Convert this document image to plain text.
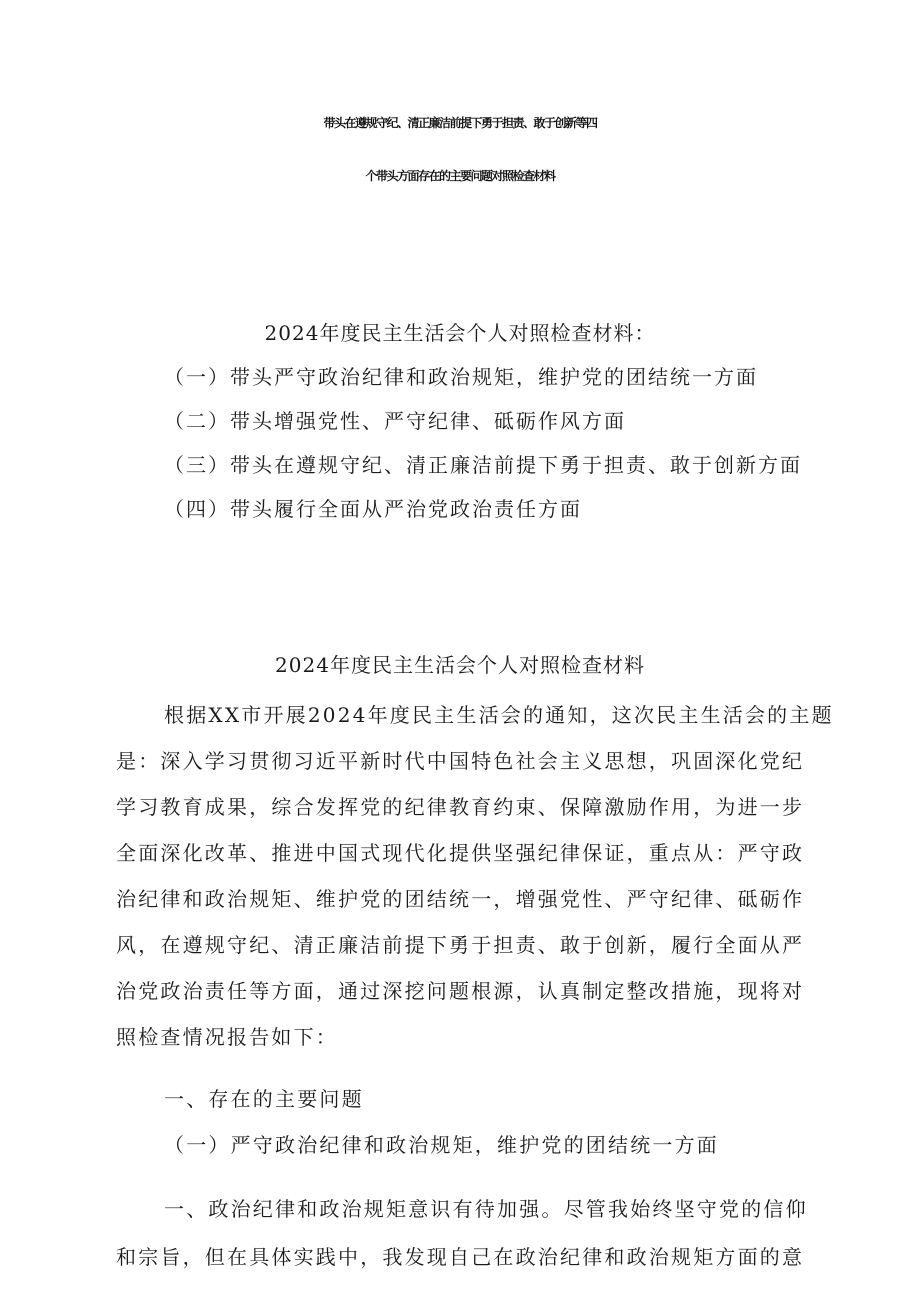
带头在遵规守纪、清正廉洁前提下勇于担责、敢于创新等四
个带头方面存在的主要问题对照检查材料
2024年度民主生活会个人对照检查材料：
（一）带头严守政治纪律和政治规矩，维护党的团结统一方面
（二）带头增强党性、严守纪律、砥砺作风方面
（三）带头在遵规守纪、清正廉洁前提下勇于担责、敢于创新方面
（四）带头履行全面从严治党政治责任方面
2024年度民主生活会个人对照检查材料
根据XX市开展2024年度民主生活会的通知，这次民主生活会的主题
是：深入学习贯彻习近平新时代中国特色社会主义思想，巩固深化党纪
学习教育成果，综合发挥党的纪律教育约束、保障激励作用，为进一步
全面深化改革、推进中国式现代化提供坚强纪律保证，重点从：严守政
治纪律和政治规矩、维护党的团结统一，增强党性、严守纪律、砥砺作
风，在遵规守纪、清正廉洁前提下勇于担责、敢于创新，履行全面从严
治党政治责任等方面，通过深挖问题根源，认真制定整改措施，现将对
照检查情况报告如下：
一、存在的主要问题
（一）严守政治纪律和政治规矩，维护党的团结统一方面
一、政治纪律和政治规矩意识有待加强。尽管我始终坚守党的信仰
和宗旨，但在具体实践中，我发现自己在政治纪律和政治规矩方面的意
